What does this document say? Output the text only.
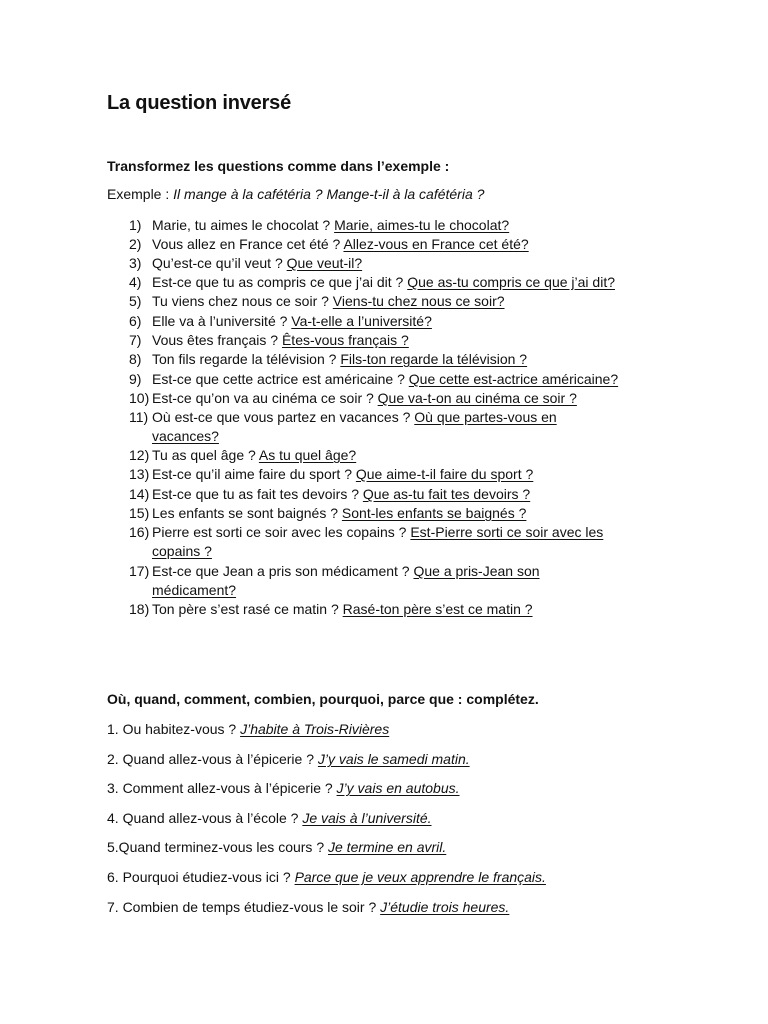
La question inversé

Transformez les questions comme dans l’exemple :

Exemple : Il mange à la cafétéria ? Mange-t-il à la cafétéria ?

1) Marie, tu aimes le chocolat ? Marie, aimes-tu le chocolat?
2) Vous allez en France cet été ? Allez-vous en France cet été?
3) Qu’est-ce qu’il veut ? Que veut-il?
4) Est-ce que tu as compris ce que j’ai dit ? Que as-tu compris ce que j’ai dit?
5) Tu viens chez nous ce soir ? Viens-tu chez nous ce soir?
6) Elle va à l’université ? Va-t-elle a l’université?
7) Vous êtes français ? Êtes-vous français ?
8) Ton fils regarde la télévision ? Fils-ton regarde la télévision ?
9) Est-ce que cette actrice est américaine ? Que cette est-actrice américaine?
10) Est-ce qu’on va au cinéma ce soir ? Que va-t-on au cinéma ce soir ?
11) Où est-ce que vous partez en vacances ? Où que partes-vous en
vacances?
12) Tu as quel âge ? As tu quel âge?
13) Est-ce qu’il aime faire du sport ? Que aime-t-il faire du sport ?
14) Est-ce que tu as fait tes devoirs ? Que as-tu fait tes devoirs ?
15) Les enfants se sont baignés ? Sont-les enfants se baignés ?
16) Pierre est sorti ce soir avec les copains ? Est-Pierre sorti ce soir avec les
copains ?
17) Est-ce que Jean a pris son médicament ? Que a pris-Jean son
médicament?
18) Ton père s’est rasé ce matin ? Rasé-ton père s’est ce matin ?

Où, quand, comment, combien, pourquoi, parce que : complétez.

1. Ou habitez-vous ? J’habite à Trois-Rivières
2. Quand allez-vous à l’épicerie ? J’y vais le samedi matin.
3. Comment allez-vous à l’épicerie ? J’y vais en autobus.
4. Quand allez-vous à l’école ? Je vais à l’université.
5.Quand terminez-vous les cours ? Je termine en avril.
6. Pourquoi étudiez-vous ici ? Parce que je veux apprendre le français.
7. Combien de temps étudiez-vous le soir ? J’étudie trois heures.
